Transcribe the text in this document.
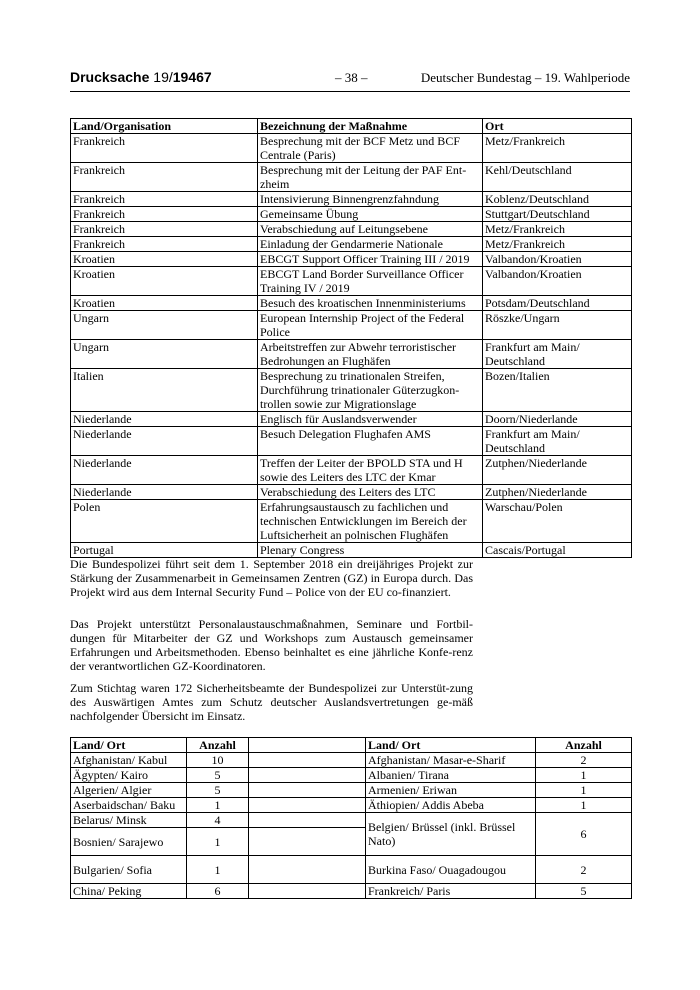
Drucksache 19/19467	– 38 –	Deutscher Bundestag – 19. Wahlperiode
Land/Organisation	Bezeichnung der Maßnahme	Ort
Frankreich	Besprechung mit der BCF Metz und BCF Centrale (Paris)	Metz/Frankreich
Frankreich	Besprechung mit der Leitung der PAF Ent-zheim	Kehl/Deutschland
Frankreich	Intensivierung Binnengrenzfahndung	Koblenz/Deutschland
Frankreich	Gemeinsame Übung	Stuttgart/Deutschland
Frankreich	Verabschiedung auf Leitungsebene	Metz/Frankreich
Frankreich	Einladung der Gendarmerie Nationale	Metz/Frankreich
Kroatien	EBCGT Support Officer Training III / 2019	Valbandon/Kroatien
Kroatien	EBCGT Land Border Surveillance Officer Training IV / 2019	Valbandon/Kroatien
Kroatien	Besuch des kroatischen Innenministeriums	Potsdam/Deutschland
Ungarn	European Internship Project of the Federal Police	Röszke/Ungarn
Ungarn	Arbeitstreffen zur Abwehr terroristischer Bedrohungen an Flughäfen	Frankfurt am Main/ Deutschland
Italien	Besprechung zu trinationalen Streifen, Durchführung trinationaler Güterzugkon-trollen sowie zur Migrationslage	Bozen/Italien
Niederlande	Englisch für Auslandsverwender	Doorn/Niederlande
Niederlande	Besuch Delegation Flughafen AMS	Frankfurt am Main/ Deutschland
Niederlande	Treffen der Leiter der BPOLD STA und H sowie des Leiters des LTC der Kmar	Zutphen/Niederlande
Niederlande	Verabschiedung des Leiters des LTC	Zutphen/Niederlande
Polen	Erfahrungsaustausch zu fachlichen und technischen Entwicklungen im Bereich der Luftsicherheit an polnischen Flughäfen	Warschau/Polen
Portugal	Plenary Congress	Cascais/Portugal

Die Bundespolizei führt seit dem 1. September 2018 ein dreijähriges Projekt zur Stärkung der Zusammenarbeit in Gemeinsamen Zentren (GZ) in Europa durch. Das Projekt wird aus dem Internal Security Fund – Police von der EU co-finanziert.

Das Projekt unterstützt Personalaustauschmaßnahmen, Seminare und Fortbil-dungen für Mitarbeiter der GZ und Workshops zum Austausch gemeinsamer Erfahrungen und Arbeitsmethoden. Ebenso beinhaltet es eine jährliche Konfe-renz der verantwortlichen GZ-Koordinatoren.

Zum Stichtag waren 172 Sicherheitsbeamte der Bundespolizei zur Unterstüt-zung des Auswärtigen Amtes zum Schutz deutscher Auslandsvertretungen ge-mäß nachfolgender Übersicht im Einsatz.

Land/ Ort	Anzahl		Land/ Ort	Anzahl
Afghanistan/ Kabul	10		Afghanistan/ Masar-e-Sharif	2
Ägypten/ Kairo	5		Albanien/ Tirana	1
Algerien/ Algier	5		Armenien/ Eriwan	1
Aserbaidschan/ Baku	1		Äthiopien/ Addis Abeba	1
Belarus/ Minsk	4		Belgien/ Brüssel (inkl. Brüssel Nato)	6
Bosnien/ Sarajewo	1			
Bulgarien/ Sofia	1		Burkina Faso/ Ouagadougou	2
China/ Peking	6		Frankreich/ Paris	5
